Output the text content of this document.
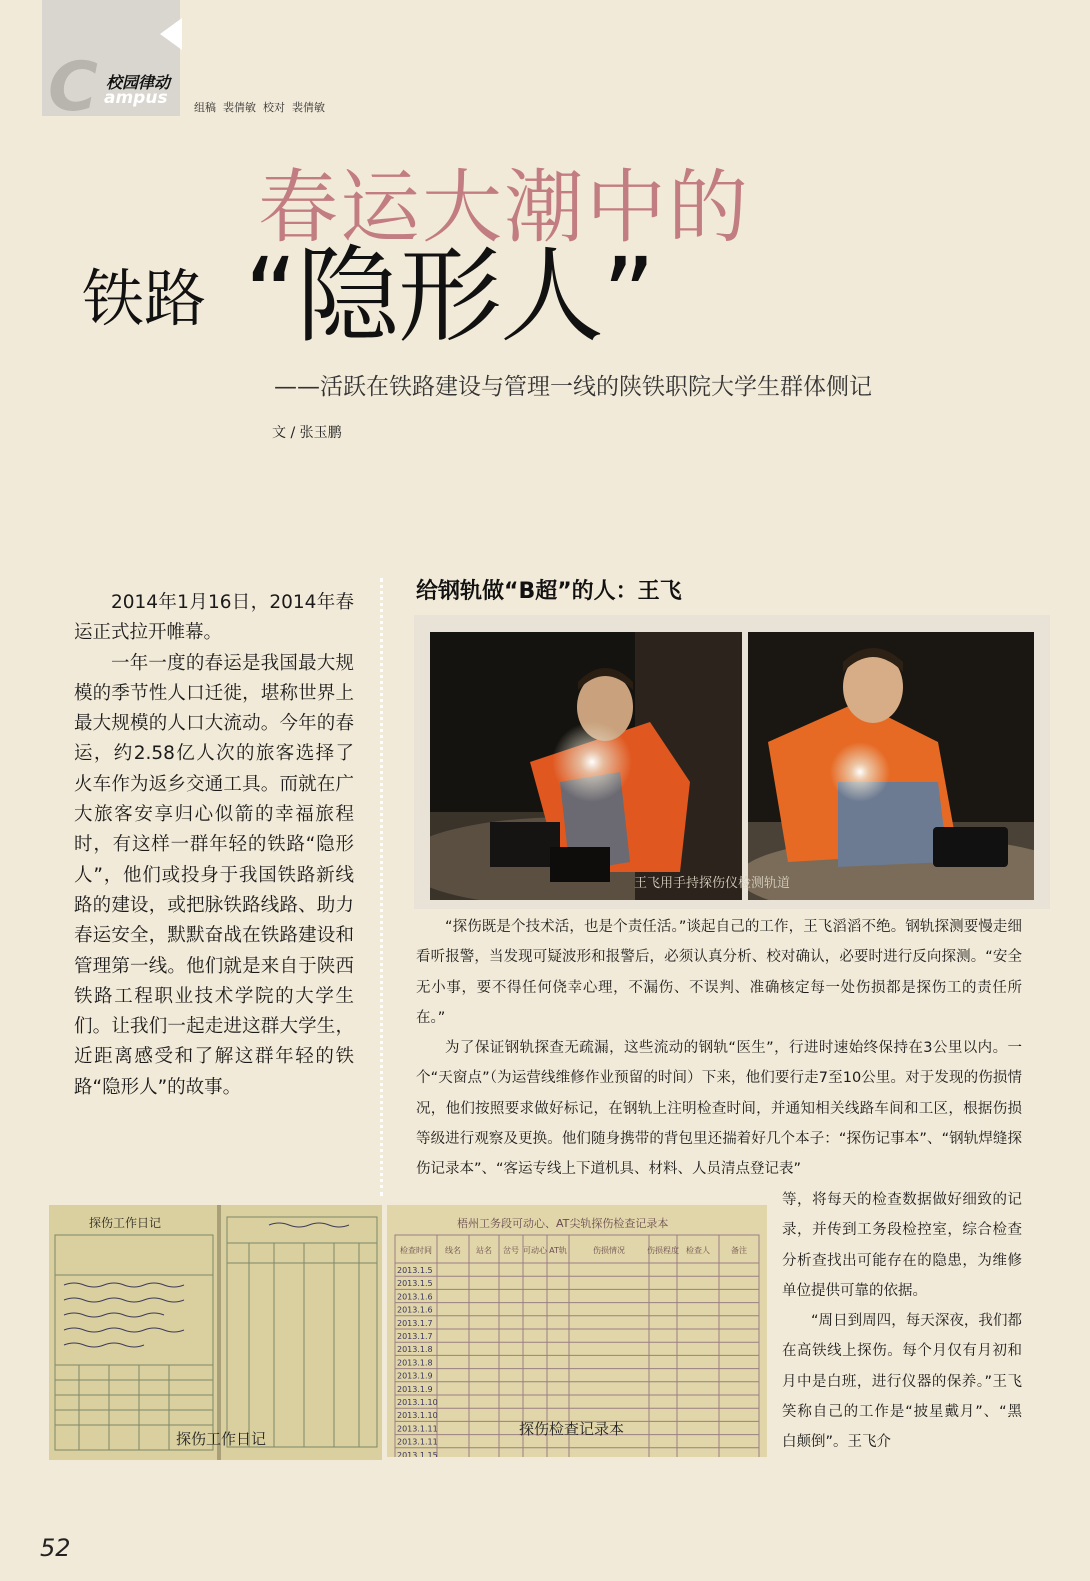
C 校园律动
ampus 组稿  裴倩敏  校对  裴倩敏
春运大潮中的
铁路 “隐形人”
——活跃在铁路建设与管理一线的陕铁职院大学生群体侧记
文 / 张玉鹏

2014年1月16日，2014年春运正式拉开帷幕。

一年一度的春运是我国最大规模的季节性人口迁徙，堪称世界上最大规模的人口大流动。今年的春运，约2.58亿人次的旅客选择了火车作为返乡交通工具。而就在广大旅客安享归心似箭的幸福旅程时，有这样一群年轻的铁路“隐形人”，他们或投身于我国铁路新线路的建设，或把脉铁路线路、助力春运安全，默默奋战在铁路建设和管理第一线。他们就是来自于陕西铁路工程职业技术学院的大学生们。让我们一起走进这群大学生，近距离感受和了解这群年轻的铁路“隐形人”的故事。

给钢轨做“B超”的人：王飞
王飞用手持探伤仪检测轨道

“探伤既是个技术活，也是个责任活。”谈起自己的工作，王飞滔滔不绝。钢轨探测要慢走细看听报警，当发现可疑波形和报警后，必须认真分析、校对确认，必要时进行反向探测。“安全无小事，要不得任何侥幸心理，不漏伤、不误判、准确核定每一处伤损都是探伤工的责任所在。”

为了保证钢轨探查无疏漏，这些流动的钢轨“医生”，行进时速始终保持在3公里以内。一个“天窗点”（为运营线维修作业预留的时间）下来，他们要行走7至10公里。对于发现的伤损情况，他们按照要求做好标记，在钢轨上注明检查时间，并通知相关线路车间和工区，根据伤损等级进行观察及更换。他们随身携带的背包里还揣着好几个本子：“探伤记事本”、“钢轨焊缝探伤记录本”、“客运专线上下道机具、材料、人员清点登记表”

等，将每天的检查数据做好细致的记录，并传到工务段检控室，综合检查分析查找出可能存在的隐患，为维修单位提供可靠的依据。

“周日到周四，每天深夜，我们都在高铁线上探伤。每个月仅有月初和月中是白班，进行仪器的保养。”王飞笑称自己的工作是“披星戴月”、“黑白颠倒”。王飞介

探伤工作日记
探伤工作日记
梧州工务段可动心、AT尖轨探伤检查记录本
检查时间 线名 站名 岔号 可动心 AT轨	伤损情况	伤损程度 检查人	备注
2013.1.5
2013.1.5
2013.1.6
2013.1.6
2013.1.7
2013.1.7
2013.1.8
2013.1.8
2013.1.9
2013.1.9
2013.1.10
2013.1.10
2013.1.11
2013.1.11
2013.1.15
探伤检查记录本
52
